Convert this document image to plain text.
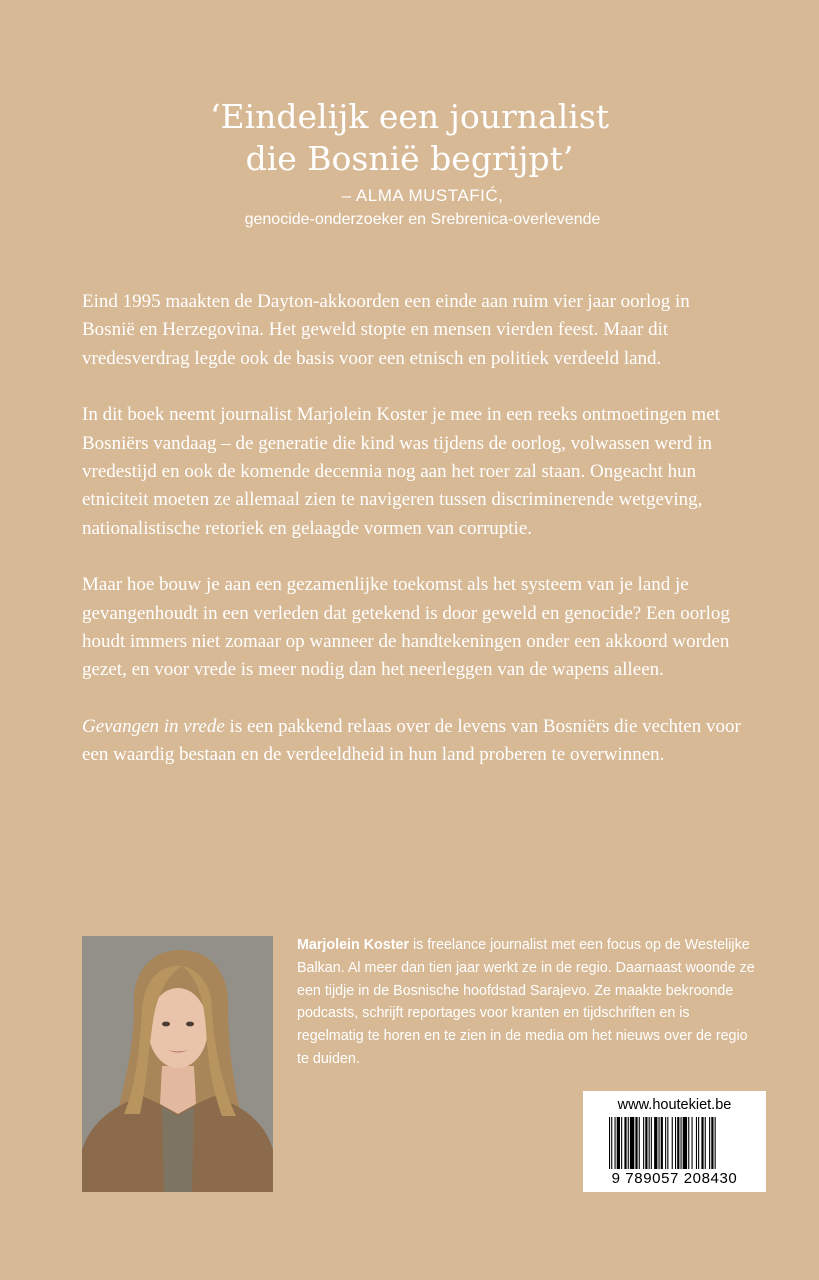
‘Eindelijk een journalist
die Bosnië begrijpt’
– ALMA MUSTAFIĆ,
genocide-onderzoeker en Srebrenica-overlevende

Eind 1995 maakten de Dayton-akkoorden een einde aan ruim vier jaar oorlog in Bosnië en Herzegovina. Het geweld stopte en mensen vierden feest. Maar dit vredesverdrag legde ook de basis voor een etnisch en politiek verdeeld land.

In dit boek neemt journalist Marjolein Koster je mee in een reeks ontmoetingen met Bosniërs vandaag – de generatie die kind was tijdens de oorlog, volwassen werd in vredestijd en ook de komende decennia nog aan het roer zal staan. Ongeacht hun etniciteit moeten ze allemaal zien te navigeren tussen discriminerende wetgeving, nationalistische retoriek en gelaagde vormen van corruptie.

Maar hoe bouw je aan een gezamenlijke toekomst als het systeem van je land je gevangenhoudt in een verleden dat getekend is door geweld en genocide? Een oorlog houdt immers niet zomaar op wanneer de handtekeningen onder een akkoord worden gezet, en voor vrede is meer nodig dan het neerleggen van de wapens alleen.

Gevangen in vrede is een pakkend relaas over de levens van Bosniërs die vechten voor een waardig bestaan en de verdeeldheid in hun land proberen te overwinnen.

Marjolein Koster is freelance journalist met een focus op de Westelijke Balkan. Al meer dan tien jaar werkt ze in de regio. Daarnaast woonde ze een tijdje in de Bosnische hoofdstad Sarajevo. Ze maakte bekroonde podcasts, schrijft reportages voor kranten en tijdschriften en is regelmatig te horen en te zien in de media om het nieuws over de regio te duiden.
www.houtekiet.be
9 789057 208430
